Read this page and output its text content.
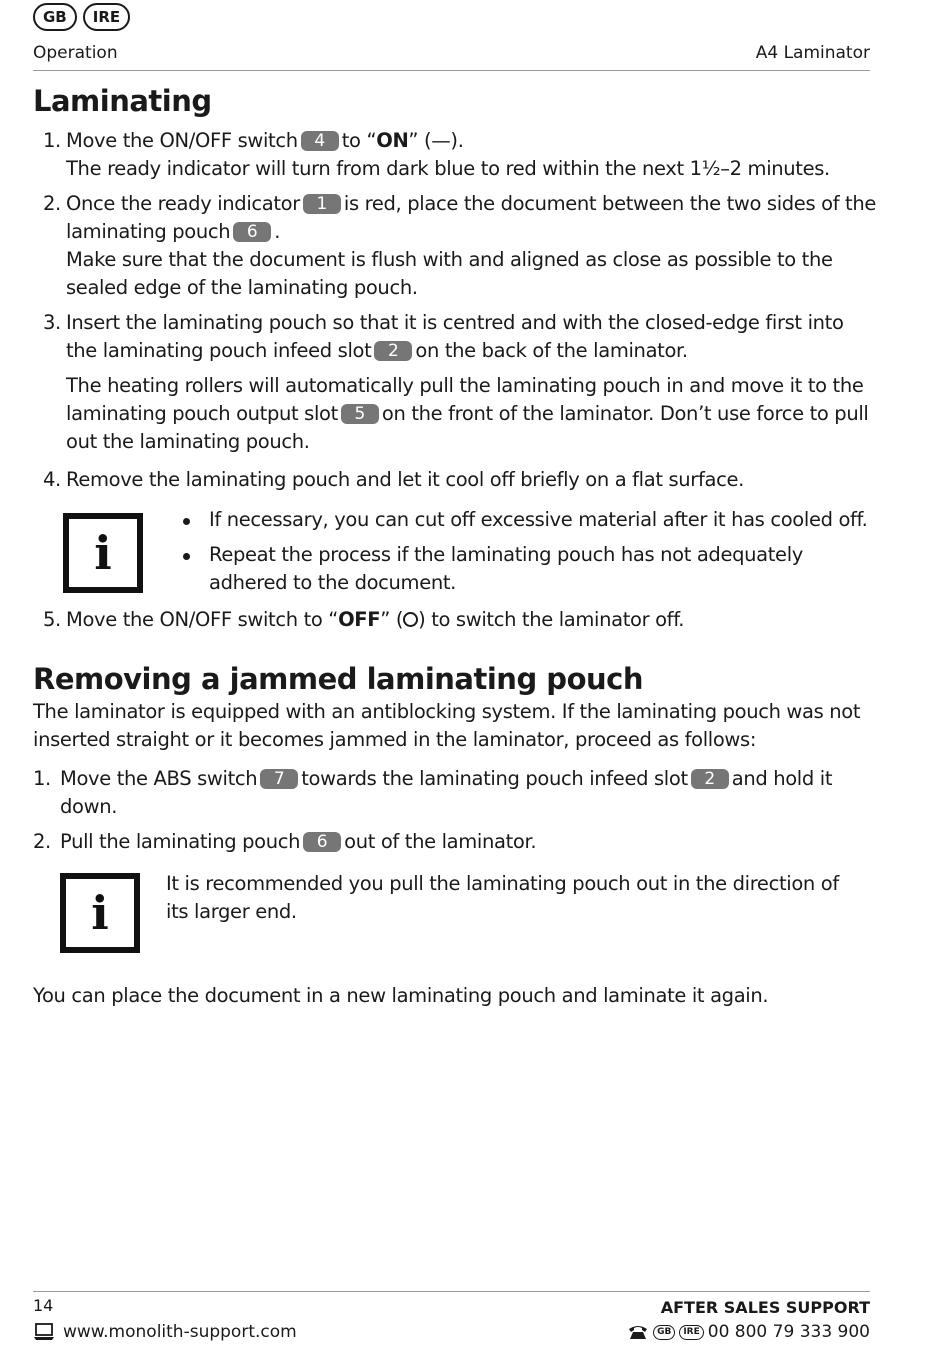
GB	IRE
Operation	A4 Laminator
Laminating
1. Move the ON/OFF switch 4 to “ON” (—).
The ready indicator will turn from dark blue to red within the next 1½–2 minutes.
2. Once the ready indicator 1 is red, place the document between the two sides of the laminating pouch 6 .
Make sure that the document is flush with and aligned as close as possible to the sealed edge of the laminating pouch.
3. Insert the laminating pouch so that it is centred and with the closed-edge first into the laminating pouch infeed slot 2 on the back of the laminator.
The heating rollers will automatically pull the laminating pouch in and move it to the laminating pouch output slot 5 on the front of the laminator. Don’t use force to pull out the laminating pouch.
4. Remove the laminating pouch and let it cool off briefly on a flat surface.
i
If necessary, you can cut off excessive material after it has cooled off.
Repeat the process if the laminating pouch has not adequately adhered to the document.
5. Move the ON/OFF switch to “OFF” ( ) to switch the laminator off.
Removing a jammed laminating pouch

The laminator is equipped with an antiblocking system. If the laminating pouch was not inserted straight or it becomes jammed in the laminator, proceed as follows:

1. Move the ABS switch 7 towards the laminating pouch infeed slot 2 and hold it down.
2. Pull the laminating pouch 6 out of the laminator.
i
It is recommended you pull the laminating pouch out in the direction of its larger end.

You can place the document in a new laminating pouch and laminate it again.

14
www.monolith-support.com
AFTER SALES SUPPORT
GB	IRE 00 800 79 333 900
